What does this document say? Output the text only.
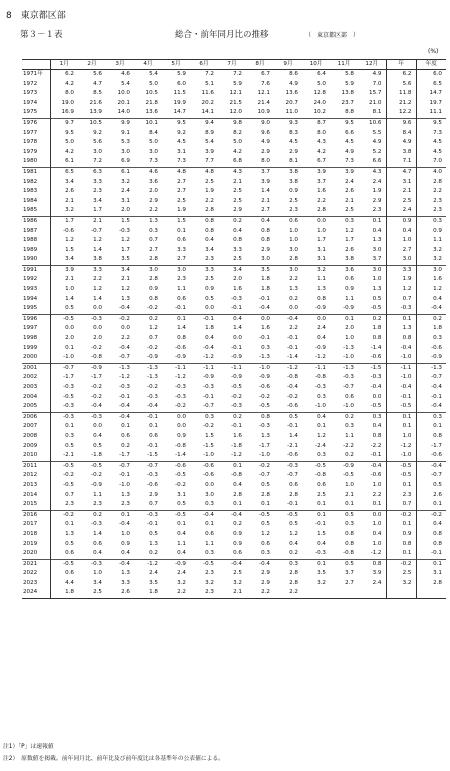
8　東京都区部
第３－１表	総合・前年同月比の推移	（　東京都区部　）
(%)
	1月	2月	3月	4月	5月	6月	7月	8月	9月	10月	11月	12月	年	年度
1971年	6.2	5.6	4.6	5.4	5.9	7.2	7.2	6.7	8.6	6.4	5.8	4.9	6.2	6.0
1972	4.2	4.7	5.4	5.0	6.0	5.1	5.9	7.6	4.9	5.0	5.9	7.0	5.6	6.5
1973	8.0	8.5	10.0	10.5	11.5	11.6	12.1	12.1	13.6	12.8	13.8	15.7	11.8	14.7
1974	19.0	21.6	20.1	21.8	19.9	20.2	21.5	21.4	20.7	24.0	23.7	21.0	21.2	19.7
1975	16.9	13.9	14.0	13.6	14.7	14.1	12.0	10.9	11.0	10.2	8.8	8.1	12.2	11.1
1976	9.7	10.5	9.9	10.1	9.5	9.4	9.8	9.0	9.3	8.7	9.5	10.6	9.6	9.5
1977	9.5	9.2	9.1	8.4	9.2	8.9	8.2	9.6	8.3	8.0	6.6	5.5	8.4	7.3
1978	5.0	5.6	5.3	5.0	4.5	5.4	5.0	4.9	4.5	4.3	4.5	4.9	4.9	4.5
1979	4.2	3.0	3.0	3.0	3.1	3.9	4.2	2.9	2.9	4.2	4.9	5.2	3.8	4.5
1980	6.1	7.2	6.9	7.3	7.3	7.7	6.8	8.0	8.1	6.7	7.3	6.6	7.1	7.0
1981	6.5	6.3	6.1	4.6	4.8	4.8	4.3	3.7	3.8	3.9	3.9	4.3	4.7	4.0
1982	3.4	3.3	3.2	3.6	2.7	2.5	2.1	3.9	3.8	3.7	2.4	2.4	3.1	2.8
1983	2.6	2.3	2.4	2.0	2.7	1.9	2.5	1.4	0.9	1.6	2.6	1.9	2.1	2.2
1984	2.1	3.4	3.1	2.9	2.5	2.2	2.5	2.1	2.5	2.2	2.1	2.9	2.5	2.3
1985	3.2	1.7	2.0	2.2	1.9	2.8	2.9	2.7	2.3	2.8	2.5	2.3	2.4	2.3
1986	1.7	2.1	1.5	1.3	1.5	0.8	0.2	0.4	0.6	0.0	0.3	0.1	0.9	0.3
1987	-0.6	-0.7	-0.3	0.3	0.1	0.8	0.4	0.8	1.0	1.0	1.2	0.4	0.4	0.9
1988	1.2	1.2	1.2	0.7	0.6	0.4	0.8	0.8	1.0	1.7	1.7	1.3	1.0	1.1
1989	1.5	1.4	1.7	2.7	3.3	3.4	3.3	2.9	3.0	3.1	2.6	3.0	2.7	3.2
1990	3.4	3.8	3.5	2.8	2.7	2.3	2.5	3.0	2.8	3.1	3.8	3.7	3.0	3.2
1991	3.9	3.3	3.4	3.0	3.0	3.3	3.4	3.5	3.0	3.2	3.6	3.0	3.3	3.0
1992	2.1	2.2	2.1	2.8	2.3	2.5	2.0	1.8	2.2	1.1	0.6	1.0	1.9	1.6
1993	1.0	1.2	1.2	0.9	1.1	0.9	1.6	1.8	1.3	1.3	0.9	1.3	1.2	1.2
1994	1.4	1.4	1.3	0.8	0.6	0.5	-0.3	-0.1	0.2	0.8	1.1	0.5	0.7	0.4
1995	0.5	0.0	-0.4	-0.2	-0.1	0.0	-0.1	-0.4	0.0	-0.9	-0.9	-0.5	-0.3	-0.4
1996	-0.5	-0.3	-0.2	0.2	0.1	-0.1	0.4	0.0	-0.4	0.0	0.1	0.2	0.1	0.2
1997	0.0	0.0	0.0	1.2	1.4	1.8	1.4	1.6	2.2	2.4	2.0	1.8	1.3	1.8
1998	2.0	2.0	2.2	0.7	0.8	0.4	0.0	-0.1	-0.1	0.4	1.0	0.8	0.8	0.3
1999	0.1	-0.2	-0.4	-0.2	-0.6	-0.4	-0.1	0.3	-0.1	-0.9	-1.3	-1.4	-0.4	-0.6
2000	-1.0	-0.8	-0.7	-0.9	-0.9	-1.2	-0.9	-1.3	-1.4	-1.2	-1.0	-0.6	-1.0	-0.9
2001	-0.7	-0.9	-1.3	-1.3	-1.1	-1.1	-1.1	-1.0	-1.2	-1.1	-1.3	-1.5	-1.1	-1.3
2002	-1.7	-1.7	-1.2	-1.3	-1.2	-0.9	-0.9	-0.9	-0.8	-0.8	-0.3	-0.3	-1.0	-0.7
2003	-0.3	-0.2	-0.3	-0.2	-0.3	-0.3	-0.5	-0.6	-0.4	-0.3	-0.7	-0.4	-0.4	-0.4
2004	-0.5	-0.2	-0.1	-0.3	-0.3	-0.1	-0.2	-0.2	-0.2	0.3	0.6	0.0	-0.1	-0.1
2005	-0.3	-0.4	-0.4	-0.4	-0.2	-0.7	-0.3	-0.5	-0.6	-1.0	-1.0	-0.5	-0.5	-0.4
2006	-0.3	-0.3	-0.4	-0.1	0.0	0.3	0.2	0.8	0.5	0.4	0.2	0.3	0.1	0.3
2007	0.1	0.0	0.1	0.1	0.0	-0.2	-0.1	-0.3	-0.1	0.1	0.3	0.4	0.1	0.1
2008	0.3	0.4	0.6	0.6	0.9	1.5	1.6	1.3	1.4	1.2	1.1	0.8	1.0	0.8
2009	0.5	0.5	0.2	-0.1	-0.8	-1.5	-1.8	-1.7	-2.1	-2.4	-2.2	-2.2	-1.2	-1.7
2010	-2.1	-1.8	-1.7	-1.5	-1.4	-1.0	-1.2	-1.0	-0.6	0.3	0.2	-0.1	-1.0	-0.6
2011	-0.5	-0.5	-0.7	-0.7	-0.6	-0.6	0.1	-0.2	-0.3	-0.5	-0.9	-0.4	-0.5	-0.4
2012	-0.2	-0.2	-0.1	-0.3	-0.5	-0.6	-0.8	-0.7	-0.7	-0.8	-0.5	-0.6	-0.5	-0.7
2013	-0.5	-0.9	-1.0	-0.6	-0.2	0.0	0.4	0.5	0.6	0.6	1.0	1.0	0.1	0.5
2014	0.7	1.1	1.3	2.9	3.1	3.0	2.8	2.8	2.8	2.5	2.1	2.2	2.3	2.6
2015	2.3	2.3	2.3	0.7	0.5	0.3	0.1	0.1	-0.1	0.1	0.1	0.1	0.7	0.1
2016	-0.2	0.2	0.1	-0.3	-0.5	-0.4	-0.4	-0.5	-0.5	0.1	0.5	0.0	-0.2	-0.2
2017	0.1	-0.3	-0.4	-0.1	0.1	0.1	0.2	0.5	0.5	-0.1	0.3	1.0	0.1	0.4
2018	1.3	1.4	1.0	0.5	0.4	0.6	0.9	1.2	1.2	1.5	0.8	0.4	0.9	0.8
2019	0.5	0.6	0.9	1.3	1.1	1.1	0.9	0.6	0.4	0.4	0.8	1.0	0.8	0.8
2020	0.6	0.4	0.4	0.2	0.4	0.3	0.6	0.3	0.2	-0.3	-0.8	-1.2	0.1	-0.1
2021	-0.5	-0.3	-0.4	-1.2	-0.9	-0.5	-0.4	-0.4	0.3	0.1	0.5	0.8	-0.2	0.1
2022	0.6	1.0	1.3	2.4	2.4	2.3	2.5	2.9	2.8	3.5	3.7	3.9	2.5	3.1
2023	4.4	3.4	3.3	3.5	3.2	3.2	3.2	2.9	2.8	3.2	2.7	2.4	3.2	2.8
2024	1.8	2.5	2.6	1.8	2.2	2.3	2.1	2.2	2.2					
注1）「P」は速報値
注2）　原数値を掲載。前年同月比、前年比及び前年度比は各基準年の公表値による。
